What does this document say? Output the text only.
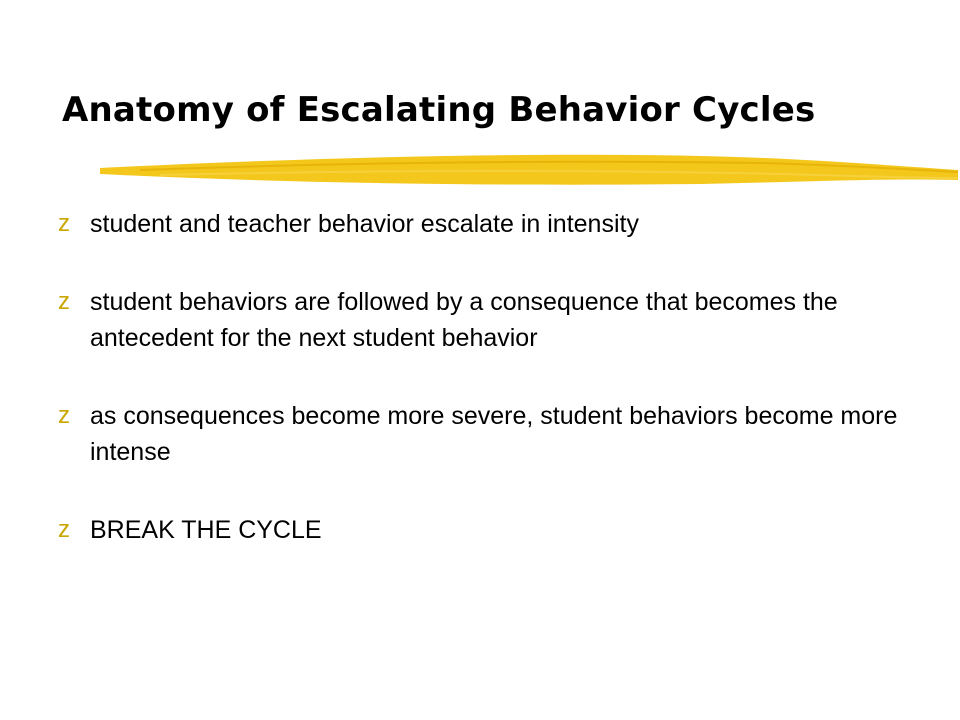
Anatomy of Escalating Behavior Cycles
z student and teacher behavior escalate in intensity
z student behaviors are followed by a consequence that becomes the antecedent for the next student behavior
z as consequences become more severe, student behaviors become more intense
z BREAK THE CYCLE
